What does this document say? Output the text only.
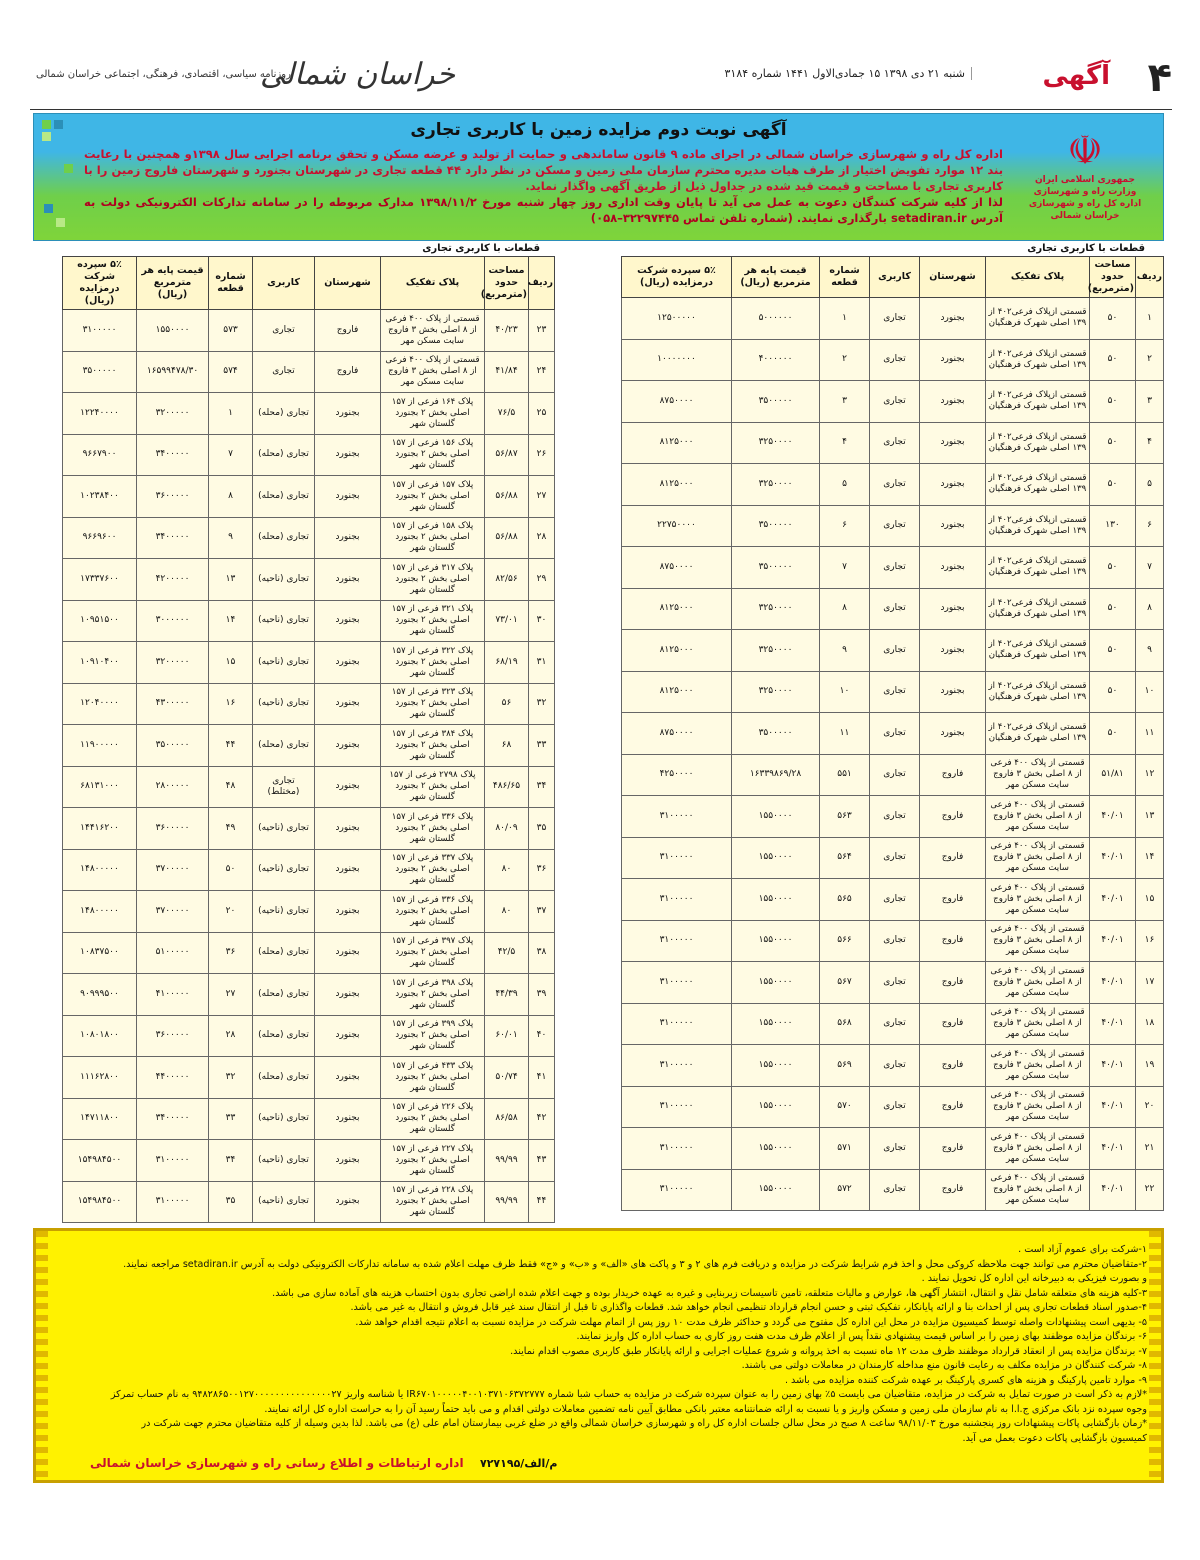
۴
آگهی
شنبه ۲۱ دی ۱۳۹۸ ۱۵ جمادی‌الاول ۱۴۴۱ شماره ۳۱۸۴
خراسان شمالی
روزنامه سیاسی، اقتصادی، فرهنگی، اجتماعی خراسان شمالی
☫
جمهوری اسلامی ایران
وزارت راه و شهرسازی
اداره کل راه و شهرسازی خراسان شمالی
آگهی نوبت دوم مزایده زمین با کاربری تجاری

اداره کل راه و شهرسازی خراسان شمالی در اجرای ماده ۹ قانون ساماندهی و حمایت از تولید و عرضه مسکن و تحقق برنامه اجرایی سال ۱۳۹۸و همچنین با رعایت بند ۱۲ موارد تفویض اختیار از طرف هیات مدیره محترم سازمان ملی زمین و مسکن در نظر دارد ۴۴ قطعه تجاری در شهرستان بجنورد و شهرستان فاروج زمین را با کاربری تجاری با مساحت و قیمت قید شده در جداول ذیل از طریق آگهی واگذار نماید.

لذا از کلیه شرکت کنندگان دعوت به عمل می آید تا پایان وقت اداری روز چهار شنبه مورخ ۱۳۹۸/۱۱/۲ مدارک مربوطه را در سامانه تدارکات الکترونیکی دولت به آدرس setadiran.ir بارگذاری نمایند. (شماره تلفن تماس ۳۲۲۹۷۴۴۵–۰۵۸)

قطعات با کاربری تجاری
قطعات با کاربری تجاری
ردیف	مساحت حدود (مترمربع)	پلاک تفکیک	شهرستان	کاربری	شماره قطعه	قیمت پایه هر مترمربع (ریال)	۵٪ سپرده شرکت درمزایده (ریال)
۱	۵۰	قسمتی ازپلاک فرعی۴۰۲ از ۱۳۹ اصلی شهرک فرهنگیان	بجنورد	تجاری	۱	۵۰۰۰۰۰۰	۱۲۵۰۰۰۰۰
۲	۵۰	قسمتی ازپلاک فرعی۴۰۲ از ۱۳۹ اصلی شهرک فرهنگیان	بجنورد	تجاری	۲	۴۰۰۰۰۰۰	۱۰۰۰۰۰۰۰
۳	۵۰	قسمتی ازپلاک فرعی۴۰۲ از ۱۳۹ اصلی شهرک فرهنگیان	بجنورد	تجاری	۳	۳۵۰۰۰۰۰	۸۷۵۰۰۰۰
۴	۵۰	قسمتی ازپلاک فرعی۴۰۲ از ۱۳۹ اصلی شهرک فرهنگیان	بجنورد	تجاری	۴	۳۲۵۰۰۰۰	۸۱۲۵۰۰۰
۵	۵۰	قسمتی ازپلاک فرعی۴۰۲ از ۱۳۹ اصلی شهرک فرهنگیان	بجنورد	تجاری	۵	۳۲۵۰۰۰۰	۸۱۲۵۰۰۰
۶	۱۳۰	قسمتی ازپلاک فرعی۴۰۲ از ۱۳۹ اصلی شهرک فرهنگیان	بجنورد	تجاری	۶	۳۵۰۰۰۰۰	۲۲۷۵۰۰۰۰
۷	۵۰	قسمتی ازپلاک فرعی۴۰۲ از ۱۳۹ اصلی شهرک فرهنگیان	بجنورد	تجاری	۷	۳۵۰۰۰۰۰	۸۷۵۰۰۰۰
۸	۵۰	قسمتی ازپلاک فرعی۴۰۲ از ۱۳۹ اصلی شهرک فرهنگیان	بجنورد	تجاری	۸	۳۲۵۰۰۰۰	۸۱۲۵۰۰۰
۹	۵۰	قسمتی ازپلاک فرعی۴۰۲ از ۱۳۹ اصلی شهرک فرهنگیان	بجنورد	تجاری	۹	۳۲۵۰۰۰۰	۸۱۲۵۰۰۰
۱۰	۵۰	قسمتی ازپلاک فرعی۴۰۲ از ۱۳۹ اصلی شهرک فرهنگیان	بجنورد	تجاری	۱۰	۳۲۵۰۰۰۰	۸۱۲۵۰۰۰
۱۱	۵۰	قسمتی ازپلاک فرعی۴۰۲ از ۱۳۹ اصلی شهرک فرهنگیان	بجنورد	تجاری	۱۱	۳۵۰۰۰۰۰	۸۷۵۰۰۰۰
۱۲	۵۱/۸۱	قسمتی از پلاک ۴۰۰ فرعی از ۸ اصلی بخش ۳ فاروج سایت مسکن مهر	فاروج	تجاری	۵۵۱	۱۶۳۳۹۸۶۹/۲۸	۴۲۵۰۰۰۰
۱۳	۴۰/۰۱	قسمتی از پلاک ۴۰۰ فرعی از ۸ اصلی بخش ۳ فاروج سایت مسکن مهر	فاروج	تجاری	۵۶۳	۱۵۵۰۰۰۰	۳۱۰۰۰۰۰
۱۴	۴۰/۰۱	قسمتی از پلاک ۴۰۰ فرعی از ۸ اصلی بخش ۳ فاروج سایت مسکن مهر	فاروج	تجاری	۵۶۴	۱۵۵۰۰۰۰	۳۱۰۰۰۰۰
۱۵	۴۰/۰۱	قسمتی از پلاک ۴۰۰ فرعی از ۸ اصلی بخش ۳ فاروج سایت مسکن مهر	فاروج	تجاری	۵۶۵	۱۵۵۰۰۰۰	۳۱۰۰۰۰۰
۱۶	۴۰/۰۱	قسمتی از پلاک ۴۰۰ فرعی از ۸ اصلی بخش ۳ فاروج سایت مسکن مهر	فاروج	تجاری	۵۶۶	۱۵۵۰۰۰۰	۳۱۰۰۰۰۰
۱۷	۴۰/۰۱	قسمتی از پلاک ۴۰۰ فرعی از ۸ اصلی بخش ۳ فاروج سایت مسکن مهر	فاروج	تجاری	۵۶۷	۱۵۵۰۰۰۰	۳۱۰۰۰۰۰
۱۸	۴۰/۰۱	قسمتی از پلاک ۴۰۰ فرعی از ۸ اصلی بخش ۳ فاروج سایت مسکن مهر	فاروج	تجاری	۵۶۸	۱۵۵۰۰۰۰	۳۱۰۰۰۰۰
۱۹	۴۰/۰۱	قسمتی از پلاک ۴۰۰ فرعی از ۸ اصلی بخش ۳ فاروج سایت مسکن مهر	فاروج	تجاری	۵۶۹	۱۵۵۰۰۰۰	۳۱۰۰۰۰۰
۲۰	۴۰/۰۱	قسمتی از پلاک ۴۰۰ فرعی از ۸ اصلی بخش ۳ فاروج سایت مسکن مهر	فاروج	تجاری	۵۷۰	۱۵۵۰۰۰۰	۳۱۰۰۰۰۰
۲۱	۴۰/۰۱	قسمتی از پلاک ۴۰۰ فرعی از ۸ اصلی بخش ۳ فاروج سایت مسکن مهر	فاروج	تجاری	۵۷۱	۱۵۵۰۰۰۰	۳۱۰۰۰۰۰
۲۲	۴۰/۰۱	قسمتی از پلاک ۴۰۰ فرعی از ۸ اصلی بخش ۳ فاروج سایت مسکن مهر	فاروج	تجاری	۵۷۲	۱۵۵۰۰۰۰	۳۱۰۰۰۰۰
ردیف	مساحت حدود (مترمربع)	پلاک تفکیک	شهرستان	کاربری	شماره قطعه	قیمت پایه هر مترمربع (ریال)	۵٪ سپرده شرکت درمزایده (ریال)
۲۳	۴۰/۲۳	قسمتی از پلاک ۴۰۰ فرعی از ۸ اصلی بخش ۳ فاروج سایت مسکن مهر	فاروج	تجاری	۵۷۳	۱۵۵۰۰۰۰	۳۱۰۰۰۰۰
۲۴	۴۱/۸۴	قسمتی از پلاک ۴۰۰ فرعی از ۸ اصلی بخش ۳ فاروج سایت مسکن مهر	فاروج	تجاری	۵۷۴	۱۶۵۹۹۴۷۸/۳۰	۳۵۰۰۰۰۰
۲۵	۷۶/۵	پلاک ۱۶۴ فرعی از ۱۵۷ اصلی بخش ۲ بجنورد گلستان شهر	بجنورد	تجاری (محله)	۱	۳۲۰۰۰۰۰	۱۲۲۴۰۰۰۰
۲۶	۵۶/۸۷	پلاک ۱۵۶ فرعی از ۱۵۷ اصلی بخش ۲ بجنورد گلستان شهر	بجنورد	تجاری (محله)	۷	۳۴۰۰۰۰۰	۹۶۶۷۹۰۰
۲۷	۵۶/۸۸	پلاک ۱۵۷ فرعی از ۱۵۷ اصلی بخش ۲ بجنورد گلستان شهر	بجنورد	تجاری (محله)	۸	۳۶۰۰۰۰۰	۱۰۲۳۸۴۰۰
۲۸	۵۶/۸۸	پلاک ۱۵۸ فرعی از ۱۵۷ اصلی بخش ۲ بجنورد گلستان شهر	بجنورد	تجاری (محله)	۹	۳۴۰۰۰۰۰	۹۶۶۹۶۰۰
۲۹	۸۲/۵۶	پلاک ۳۱۷ فرعی از ۱۵۷ اصلی بخش ۲ بجنورد گلستان شهر	بجنورد	تجاری (ناحیه)	۱۳	۴۲۰۰۰۰۰	۱۷۳۳۷۶۰۰
۳۰	۷۳/۰۱	پلاک ۳۲۱ فرعی از ۱۵۷ اصلی بخش ۲ بجنورد گلستان شهر	بجنورد	تجاری (ناحیه)	۱۴	۳۰۰۰۰۰۰	۱۰۹۵۱۵۰۰
۳۱	۶۸/۱۹	پلاک ۳۲۲ فرعی از ۱۵۷ اصلی بخش ۲ بجنورد گلستان شهر	بجنورد	تجاری (ناحیه)	۱۵	۳۲۰۰۰۰۰	۱۰۹۱۰۴۰۰
۳۲	۵۶	پلاک ۳۲۳ فرعی از ۱۵۷ اصلی بخش ۲ بجنورد گلستان شهر	بجنورد	تجاری (ناحیه)	۱۶	۴۳۰۰۰۰۰	۱۲۰۴۰۰۰۰
۳۳	۶۸	پلاک ۳۸۴ فرعی از ۱۵۷ اصلی بخش ۲ بجنورد گلستان شهر	بجنورد	تجاری (محله)	۴۴	۳۵۰۰۰۰۰	۱۱۹۰۰۰۰۰
۳۴	۴۸۶/۶۵	پلاک ۲۷۹۸ فرعی از ۱۵۷ اصلی بخش ۲ بجنورد گلستان شهر	بجنورد	تجاری (مختلط)	۴۸	۲۸۰۰۰۰۰	۶۸۱۳۱۰۰۰
۳۵	۸۰/۰۹	پلاک ۳۳۶ فرعی از ۱۵۷ اصلی بخش ۲ بجنورد گلستان شهر	بجنورد	تجاری (ناحیه)	۴۹	۳۶۰۰۰۰۰	۱۴۴۱۶۲۰۰
۳۶	۸۰	پلاک ۳۳۷ فرعی از ۱۵۷ اصلی بخش ۲ بجنورد گلستان شهر	بجنورد	تجاری (ناحیه)	۵۰	۳۷۰۰۰۰۰	۱۴۸۰۰۰۰۰
۳۷	۸۰	پلاک ۳۳۶ فرعی از ۱۵۷ اصلی بخش ۲ بجنورد گلستان شهر	بجنورد	تجاری (ناحیه)	۲۰	۳۷۰۰۰۰۰	۱۴۸۰۰۰۰۰
۳۸	۴۲/۵	پلاک ۳۹۷ فرعی از ۱۵۷ اصلی بخش ۲ بجنورد گلستان شهر	بجنورد	تجاری (محله)	۳۶	۵۱۰۰۰۰۰	۱۰۸۳۷۵۰۰
۳۹	۴۴/۳۹	پلاک ۳۹۸ فرعی از ۱۵۷ اصلی بخش ۲ بجنورد گلستان شهر	بجنورد	تجاری (محله)	۲۷	۴۱۰۰۰۰۰	۹۰۹۹۹۵۰۰
۴۰	۶۰/۰۱	پلاک ۳۹۹ فرعی از ۱۵۷ اصلی بخش ۲ بجنورد گلستان شهر	بجنورد	تجاری (محله)	۲۸	۳۶۰۰۰۰۰	۱۰۸۰۱۸۰۰
۴۱	۵۰/۷۴	پلاک ۴۳۳ فرعی از ۱۵۷ اصلی بخش ۲ بجنورد گلستان شهر	بجنورد	تجاری (محله)	۳۲	۴۴۰۰۰۰۰	۱۱۱۶۲۸۰۰
۴۲	۸۶/۵۸	پلاک ۲۲۶ فرعی از ۱۵۷ اصلی بخش ۲ بجنورد گلستان شهر	بجنورد	تجاری (ناحیه)	۳۳	۳۴۰۰۰۰۰	۱۴۷۱۱۸۰۰
۴۳	۹۹/۹۹	پلاک ۲۲۷ فرعی از ۱۵۷ اصلی بخش ۲ بجنورد گلستان شهر	بجنورد	تجاری (ناحیه)	۳۴	۳۱۰۰۰۰۰	۱۵۴۹۸۴۵۰۰
۴۴	۹۹/۹۹	پلاک ۲۲۸ فرعی از ۱۵۷ اصلی بخش ۲ بجنورد گلستان شهر	بجنورد	تجاری (ناحیه)	۳۵	۳۱۰۰۰۰۰	۱۵۴۹۸۴۵۰۰

۱-شرکت برای عموم آزاد است .

۲-متقاضیان محترم می توانند جهت ملاحظه کروکی محل و اخذ فرم شرایط شرکت در مزایده و دریافت فرم های ۲ و ۳ و پاکت های «الف» و «ب» و «ج» فقط ظرف مهلت اعلام شده به سامانه تدارکات الکترونیکی دولت به آدرس setadiran.ir مراجعه نمایند.

و بصورت فیزیکی به دبیرخانه این اداره کل تحویل نمایند .

۳-کلیه هزینه های متعلقه شامل نقل و انتقال، انتشار آگهی ها، عوارض و مالیات متعلقه، تامین تاسیسات زیربنایی و غیره به عهده خریدار بوده و جهت اعلام شده اراضی تجاری بدون احتساب هزینه های آماده سازی می باشد.

۴-صدور اسناد قطعات تجاری پس از احداث بنا و ارائه پایانکار، تفکیک ثبتی و حسن انجام قرارداد تنظیمی انجام خواهد شد. قطعات واگذاری تا قبل از انتقال سند غیر قابل فروش و انتقال به غیر می باشد.

۵- بدیهی است پیشنهادات واصله توسط کمیسیون مزایده در محل این اداره کل مفتوح می گردد و حداکثر ظرف مدت ۱۰ روز پس از اتمام مهلت شرکت در مزایده نسبت به اعلام نتیجه اقدام خواهد شد.

۶- برندگان مزایده موظفند بهای زمین را بر اساس قیمت پیشنهادی نقداً پس از اعلام ظرف مدت هفت روز کاری به حساب اداره کل واریز نمایند.

۷- برندگان مزایده پس از انعقاد قرارداد موظفند ظرف مدت ۱۲ ماه نسبت به اخذ پروانه و شروع عملیات اجرایی و ارائه پایانکار طبق کاربری مصوب اقدام نمایند.

۸- شرکت کنندگان در مزایده مکلف به رعایت قانون منع مداخله کارمندان در معاملات دولتی می باشند.

۹- موارد تامین پارکینگ و هزینه های کسری پارکینگ بر عهده شرکت کننده مزایده می باشد .

*لازم به ذکر است در صورت تمایل به شرکت در مزایده، متقاضیان می بایست ۵٪ بهای زمین را به عنوان سپرده شرکت در مزایده به حساب شبا شماره IR۶۷۰۱۰۰۰۰۰۴۰۰۱۰۳۷۱۰۶۳۷۲۷۷۷ یا شناسه واریز ۹۴۸۲۸۶۵۰۰۱۲۷۰۰۰۰۰۰۰۰۰۰۰۰۰۰۰۲۷ به نام حساب تمرکز

وجوه سپرده نزد بانک مرکزی ج.ا.ا به نام سازمان ملی زمین و مسکن واریز و یا نسبت به ارائه ضمانتنامه معتبر بانکی مطابق آیین نامه تضمین معاملات دولتی اقدام و می باید حتماً رسید آن را به حراست اداره کل ارائه نمایند.

*زمان بازگشایی پاکات پیشنهادات روز پنجشنبه مورخ ۹۸/۱۱/۰۳ ساعت ۸ صبح در محل سالن جلسات اداره کل راه و شهرسازی خراسان شمالی واقع در ضلع غربی بیمارستان امام علی (ع) می باشد. لذا بدین وسیله از کلیه متقاضیان محترم جهت شرکت در

کمیسیون بازگشایی پاکات دعوت بعمل می آید.

اداره ارتباطات و اطلاع رسانی راه و شهرسازی خراسان شمالی م/الف/۷۲۷۱۹۵
